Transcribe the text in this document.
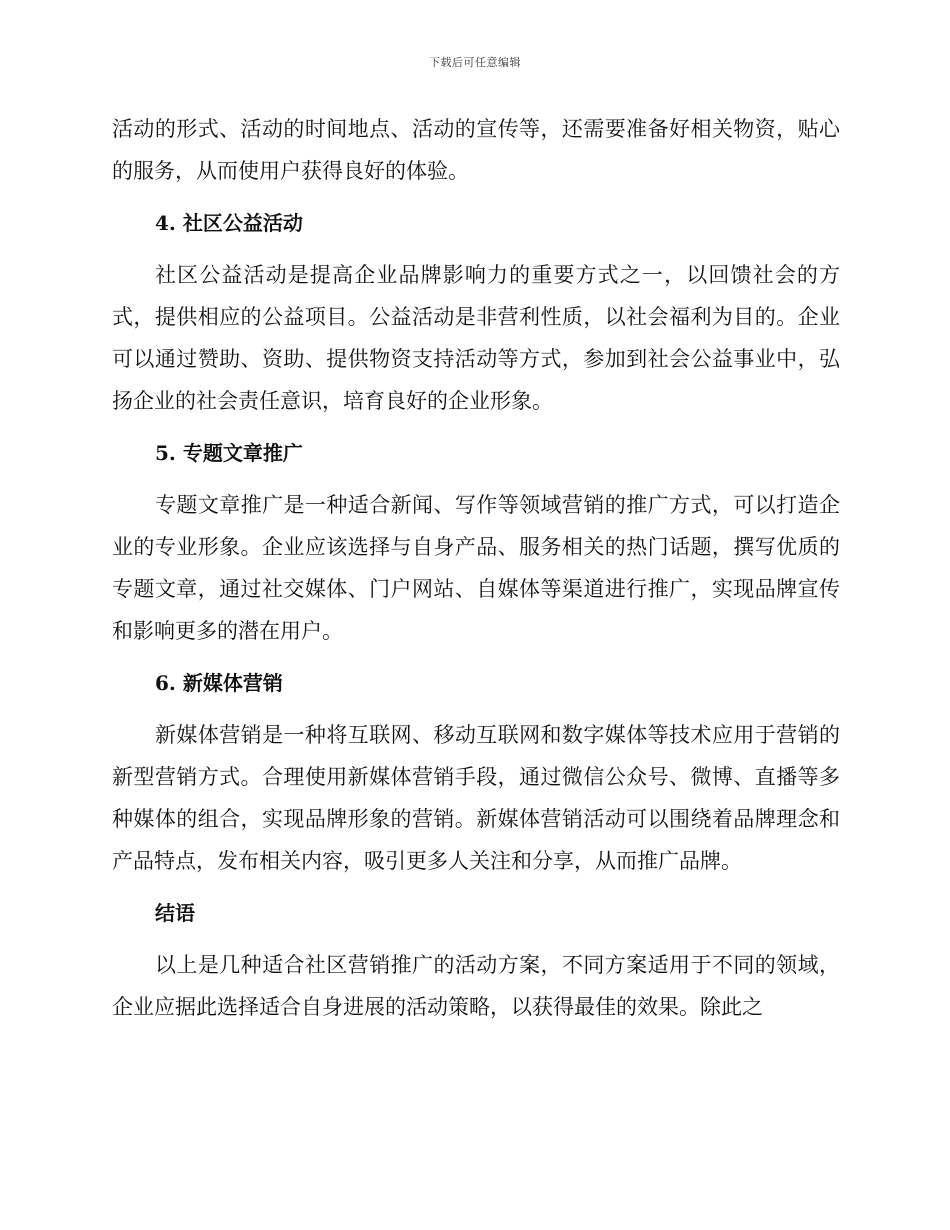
下载后可任意编辑

活动的形式、活动的时间地点、活动的宣传等，还需要准备好相关物资，贴心的服务，从而使用户获得良好的体验。

4. 社区公益活动

社区公益活动是提高企业品牌影响力的重要方式之一，以回馈社会的方式，提供相应的公益项目。公益活动是非营利性质，以社会福利为目的。企业可以通过赞助、资助、提供物资支持活动等方式，参加到社会公益事业中，弘扬企业的社会责任意识，培育良好的企业形象。

5. 专题文章推广

专题文章推广是一种适合新闻、写作等领域营销的推广方式，可以打造企业的专业形象。企业应该选择与自身产品、服务相关的热门话题，撰写优质的专题文章，通过社交媒体、门户网站、自媒体等渠道进行推广，实现品牌宣传和影响更多的潜在用户。

6. 新媒体营销

新媒体营销是一种将互联网、移动互联网和数字媒体等技术应用于营销的新型营销方式。合理使用新媒体营销手段，通过微信公众号、微博、直播等多种媒体的组合，实现品牌形象的营销。新媒体营销活动可以围绕着品牌理念和产品特点，发布相关内容，吸引更多人关注和分享，从而推广品牌。

结语

以上是几种适合社区营销推广的活动方案，不同方案适用于不同的领域，企业应据此选择适合自身进展的活动策略，以获得最佳的效果。除此之
